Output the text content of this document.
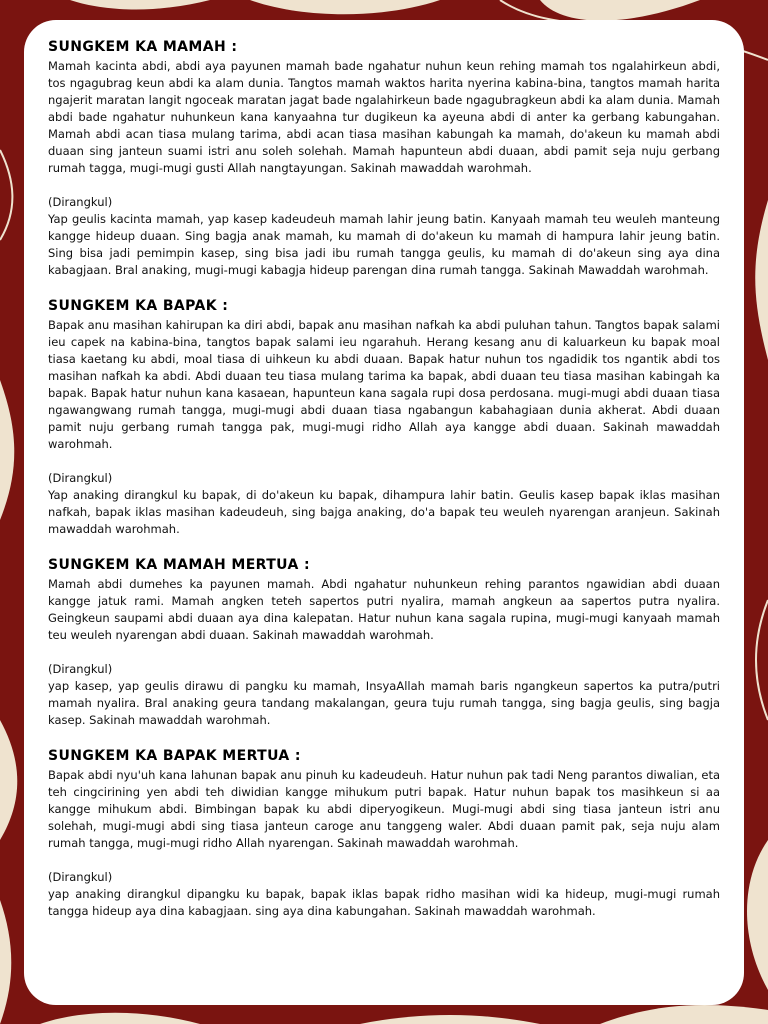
SUNGKEM KA MAMAH :

Mamah kacinta abdi, abdi aya payunen mamah bade ngahatur nuhun keun rehing mamah tos ngalahirkeun abdi, tos ngagubrag keun abdi ka alam dunia. Tangtos mamah waktos harita nyerina kabina-bina, tangtos mamah harita ngajerit maratan langit ngoceak maratan jagat bade ngalahirkeun bade ngagubragkeun abdi ka alam dunia. Mamah abdi bade ngahatur nuhunkeun kana kanyaahna tur dugikeun ka ayeuna abdi di anter ka gerbang kabungahan. Mamah abdi acan tiasa mulang tarima, abdi acan tiasa masihan kabungah ka mamah, do'akeun ku mamah abdi duaan sing janteun suami istri anu soleh solehah. Mamah hapunteun abdi duaan, abdi pamit seja nuju gerbang rumah tagga, mugi-mugi gusti Allah nangtayungan. Sakinah mawaddah warohmah.

(Dirangkul)

Yap geulis kacinta mamah, yap kasep kadeudeuh mamah lahir jeung batin. Kanyaah mamah teu weuleh manteung kangge hideup duaan. Sing bagja anak mamah, ku mamah di do'akeun ku mamah di hampura lahir jeung batin. Sing bisa jadi pemimpin kasep, sing bisa jadi ibu rumah tangga geulis, ku mamah di do'akeun sing aya dina kabagjaan. Bral anaking, mugi-mugi kabagja hideup parengan dina rumah tangga. Sakinah Mawaddah warohmah.

SUNGKEM KA BAPAK :

Bapak anu masihan kahirupan ka diri abdi, bapak anu masihan nafkah ka abdi puluhan tahun. Tangtos bapak salami ieu capek na kabina-bina, tangtos bapak salami ieu ngarahuh. Herang kesang anu di kaluarkeun ku bapak moal tiasa kaetang ku abdi, moal tiasa di uihkeun ku abdi duaan. Bapak hatur nuhun tos ngadidik tos ngantik abdi tos masihan nafkah ka abdi. Abdi duaan teu tiasa mulang tarima ka bapak, abdi duaan teu tiasa masihan kabingah ka bapak. Bapak hatur nuhun kana kasaean, hapunteun kana sagala rupi dosa perdosana. mugi-mugi abdi duaan tiasa ngawangwang rumah tangga, mugi-mugi abdi duaan tiasa ngabangun kabahagiaan dunia akherat. Abdi duaan pamit nuju gerbang rumah tangga pak, mugi-mugi ridho Allah aya kangge abdi duaan. Sakinah mawaddah warohmah.

(Dirangkul)

Yap anaking dirangkul ku bapak, di do'akeun ku bapak, dihampura lahir batin. Geulis kasep bapak iklas masihan nafkah, bapak iklas masihan kadeudeuh, sing bajga anaking, do'a bapak teu weuleh nyarengan aranjeun. Sakinah mawaddah warohmah.

SUNGKEM KA MAMAH MERTUA :

Mamah abdi dumehes ka payunen mamah. Abdi ngahatur nuhunkeun rehing parantos ngawidian abdi duaan kangge jatuk rami. Mamah angken teteh sapertos putri nyalira, mamah angkeun aa sapertos putra nyalira. Geingkeun saupami abdi duaan aya dina kalepatan. Hatur nuhun kana sagala rupina, mugi-mugi kanyaah mamah teu weuleh nyarengan abdi duaan. Sakinah mawaddah warohmah.

(Dirangkul)

yap kasep, yap geulis dirawu di pangku ku mamah, InsyaAllah mamah baris ngangkeun sapertos ka putra/putri mamah nyalira. Bral anaking geura tandang makalangan, geura tuju rumah tangga, sing bagja geulis, sing bagja kasep. Sakinah mawaddah warohmah.

SUNGKEM KA BAPAK MERTUA :

Bapak abdi nyu'uh kana lahunan bapak anu pinuh ku kadeudeuh. Hatur nuhun pak tadi Neng parantos diwalian, eta teh cingcirining yen abdi teh diwidian kangge mihukum putri bapak. Hatur nuhun bapak tos masihkeun si aa kangge mihukum abdi. Bimbingan bapak ku abdi diperyogikeun. Mugi-mugi abdi sing tiasa janteun istri anu solehah, mugi-mugi abdi sing tiasa janteun caroge anu tanggeng waler. Abdi duaan pamit pak, seja nuju alam rumah tangga, mugi-mugi ridho Allah nyarengan. Sakinah mawaddah warohmah.

(Dirangkul)

yap anaking dirangkul dipangku ku bapak, bapak iklas bapak ridho masihan widi ka hideup, mugi-mugi rumah tangga hideup aya dina kabagjaan. sing aya dina kabungahan. Sakinah mawaddah warohmah.
